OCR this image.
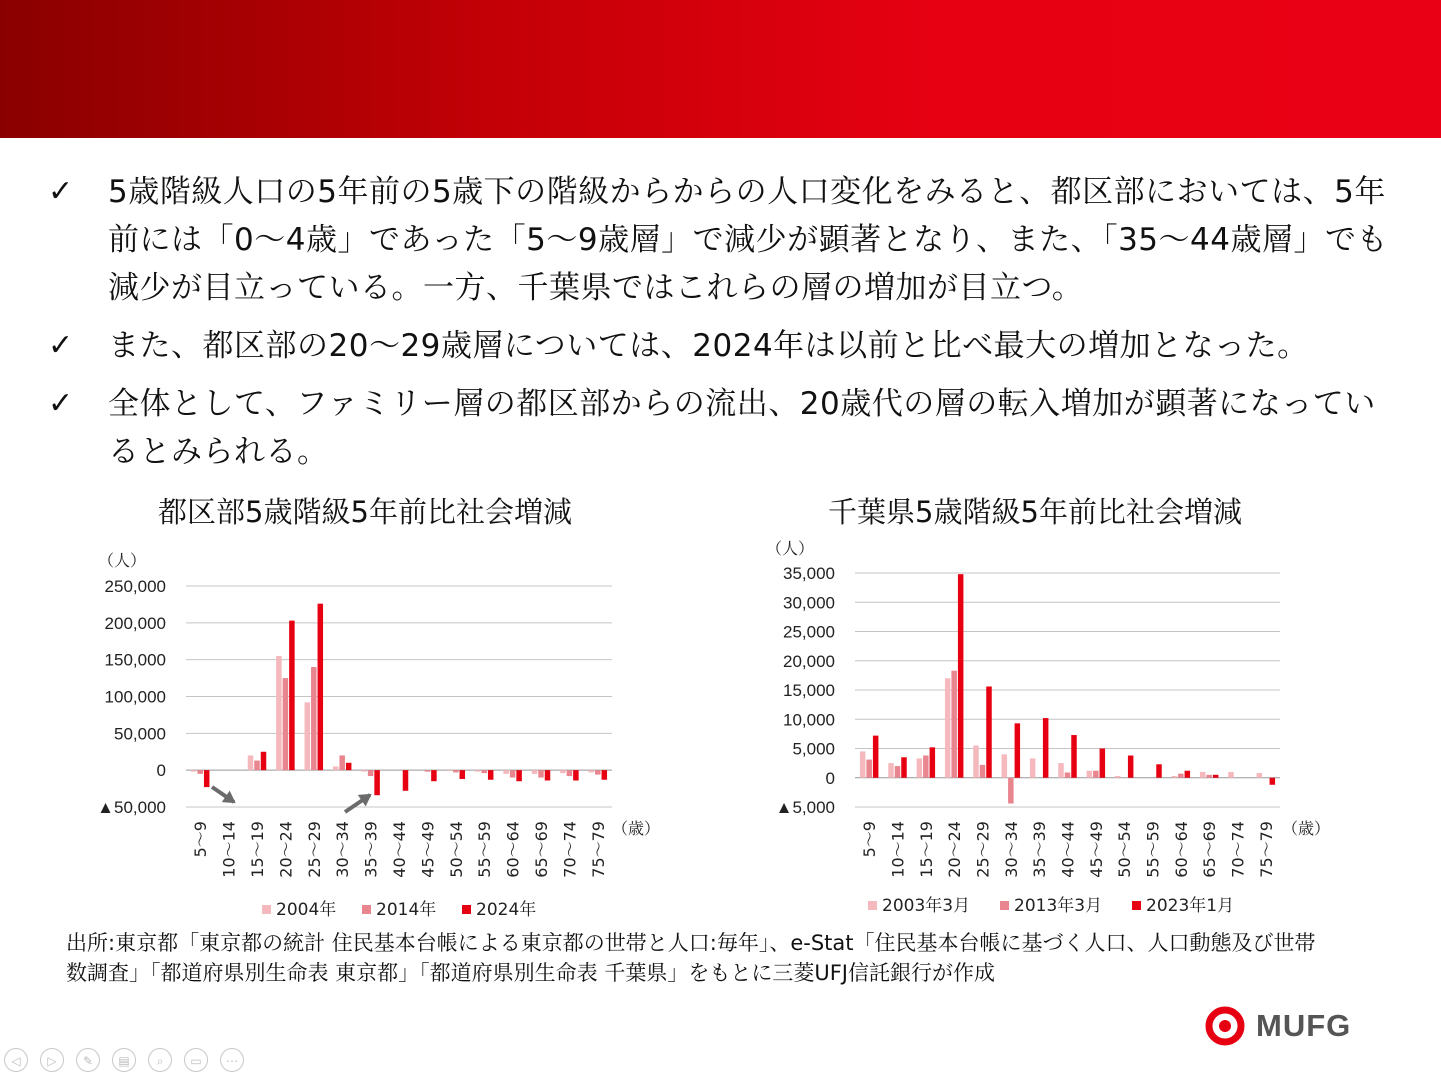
✓ 5歳階級人口の5年前の5歳下の階級からからの人口変化をみると、都区部においては、5年前には「0～4歳」であった「5～9歳層」で減少が顕著となり、また、「35～44歳層」でも減少が目立っている。一方、千葉県ではこれらの層の増加が目立つ。
✓ また、都区部の20～29歳層については、2024年は以前と比べ最大の増加となった。
✓ 全体として、ファミリー層の都区部からの流出、20歳代の層の転入増加が顕著になっているとみられる。
都区部5歳階級5年前比社会増減	千葉県5歳階級5年前比社会増減
（人）
250,000
200,000
150,000
100,000
50,000
0
▲50,000
5～9 10～14 15～19 20～24 25～29 30～34 35～39 40～44 45～49 50～54 55～59 60～64 65～69 70～74 75～79 （歳）
2004年 2014年 2024年
（人）
35,000
30,000
25,000
20,000
15,000
10,000
5,000
0
▲5,000
5～9 10～14 15～19 20～24 25～29 30～34 35～39 40～44 45～49 50～54 55～59 60～64 65～69 70～74 75～79 （歳）
2003年3月	2013年3月	2023年1月
出所:東京都「東京都の統計 住民基本台帳による東京都の世帯と人口:毎年」、e-Stat「住民基本台帳に基づく人口、人口動態及び世帯数調査」「都道府県別生命表 東京都」「都道府県別生命表 千葉県」をもとに三菱UFJ信託銀行が作成
MUFG
◁	▷	✎	▤	⌕	▭	⋯
